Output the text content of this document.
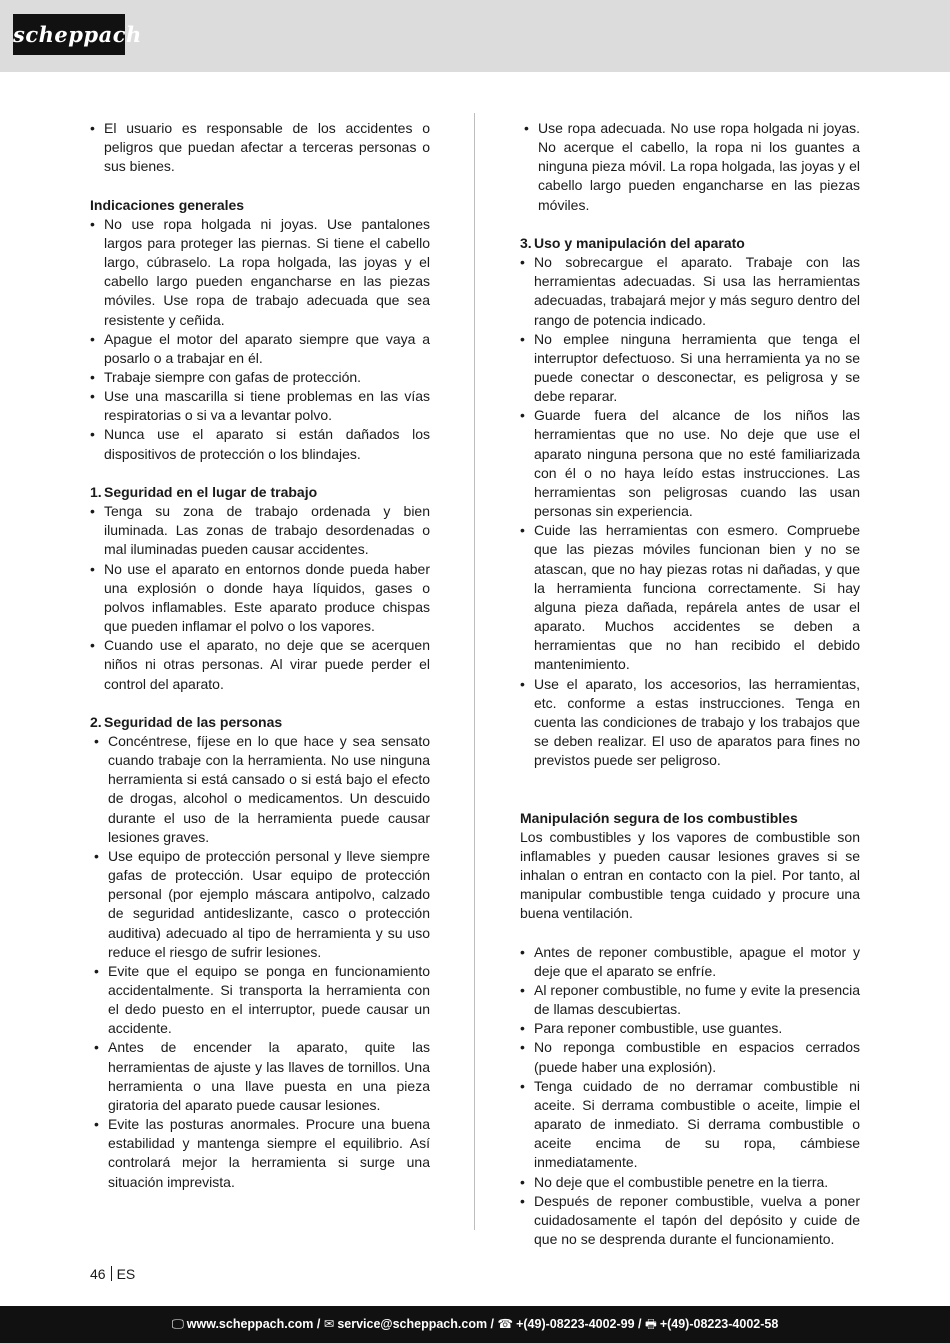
scheppach
• El usuario es responsable de los accidentes o peligros que puedan afectar a terceras personas o sus bienes.

Indicaciones generales

• No use ropa holgada ni joyas. Use pantalones largos para proteger las piernas. Si tiene el cabello largo, cúbraselo. La ropa holgada, las joyas y el cabello largo pueden engancharse en las piezas móviles. Use ropa de trabajo adecuada que sea resistente y ceñida.
• Apague el motor del aparato siempre que vaya a posarlo o a trabajar en él.
• Trabaje siempre con gafas de protección.
• Use una mascarilla si tiene problemas en las vías respiratorias o si va a levantar polvo.
• Nunca use el aparato si están dañados los dispositivos de protección o los blindajes.

1. Seguridad en el lugar de trabajo

• Tenga su zona de trabajo ordenada y bien iluminada. Las zonas de trabajo desordenadas o mal iluminadas pueden causar accidentes.
• No use el aparato en entornos donde pueda haber una explosión o donde haya líquidos, gases o polvos inflamables. Este aparato produce chispas que pueden inflamar el polvo o los vapores.
• Cuando use el aparato, no deje que se acerquen niños ni otras personas. Al virar puede perder el control del aparato.

2. Seguridad de las personas

• Concéntrese, fíjese en lo que hace y sea sensato cuando trabaje con la herramienta. No use ninguna herramienta si está cansado o si está bajo el efecto de drogas, alcohol o medicamentos. Un descuido durante el uso de la herramienta puede causar lesiones graves.
• Use equipo de protección personal y lleve siempre gafas de protección. Usar equipo de protección personal (por ejemplo máscara antipolvo, calzado de seguridad antideslizante, casco o protección auditiva) adecuado al tipo de herramienta y su uso reduce el riesgo de sufrir lesiones.
• Evite que el equipo se ponga en funcionamiento accidentalmente. Si transporta la herramienta con el dedo puesto en el interruptor, puede causar un accidente.
• Antes de encender la aparato, quite las herramientas de ajuste y las llaves de tornillos. Una herramienta o una llave puesta en una pieza giratoria del aparato puede causar lesiones.
• Evite las posturas anormales. Procure una buena estabilidad y mantenga siempre el equilibrio. Así controlará mejor la herramienta si surge una situación imprevista.
• Use ropa adecuada. No use ropa holgada ni joyas. No acerque el cabello, la ropa ni los guantes a ninguna pieza móvil. La ropa holgada, las joyas y el cabello largo pueden engancharse en las piezas móviles.

3. Uso y manipulación del aparato

• No sobrecargue el aparato. Trabaje con las herramientas adecuadas. Si usa las herramientas adecuadas, trabajará mejor y más seguro dentro del rango de potencia indicado.
• No emplee ninguna herramienta que tenga el interruptor defectuoso. Si una herramienta ya no se puede conectar o desconectar, es peligrosa y se debe reparar.
• Guarde fuera del alcance de los niños las herramientas que no use. No deje que use el aparato ninguna persona que no esté familiarizada con él o no haya leído estas instrucciones. Las herramientas son peligrosas cuando las usan personas sin experiencia.
• Cuide las herramientas con esmero. Compruebe que las piezas móviles funcionan bien y no se atascan, que no hay piezas rotas ni dañadas, y que la herramienta funciona correctamente. Si hay alguna pieza dañada, repárela antes de usar el aparato. Muchos accidentes se deben a herramientas que no han recibido el debido mantenimiento.
• Use el aparato, los accesorios, las herramientas, etc. conforme a estas instrucciones. Tenga en cuenta las condiciones de trabajo y los trabajos que se deben realizar. El uso de aparatos para fines no previstos puede ser peligroso.

Manipulación segura de los combustibles

Los combustibles y los vapores de combustible son inflamables y pueden causar lesiones graves si se inhalan o entran en contacto con la piel. Por tanto, al manipular combustible tenga cuidado y procure una buena ventilación.

• Antes de reponer combustible, apague el motor y deje que el aparato se enfríe.
• Al reponer combustible, no fume y evite la presencia de llamas descubiertas.
• Para reponer combustible, use guantes.
• No reponga combustible en espacios cerrados (puede haber una explosión).
• Tenga cuidado de no derramar combustible ni aceite. Si derrama combustible o aceite, limpie el aparato de inmediato. Si derrama combustible o aceite encima de su ropa, cámbiese inmediatamente.
• No deje que el combustible penetre en la tierra.
• Después de reponer combustible, vuelva a poner cuidadosamente el tapón del depósito y cuide de que no se desprenda durante el funcionamiento.
46 ES
🖵 www.scheppach.com / ✉ service@scheppach.com / ☎ +(49)-08223-4002-99 / 🖶 +(49)-08223-4002-58
